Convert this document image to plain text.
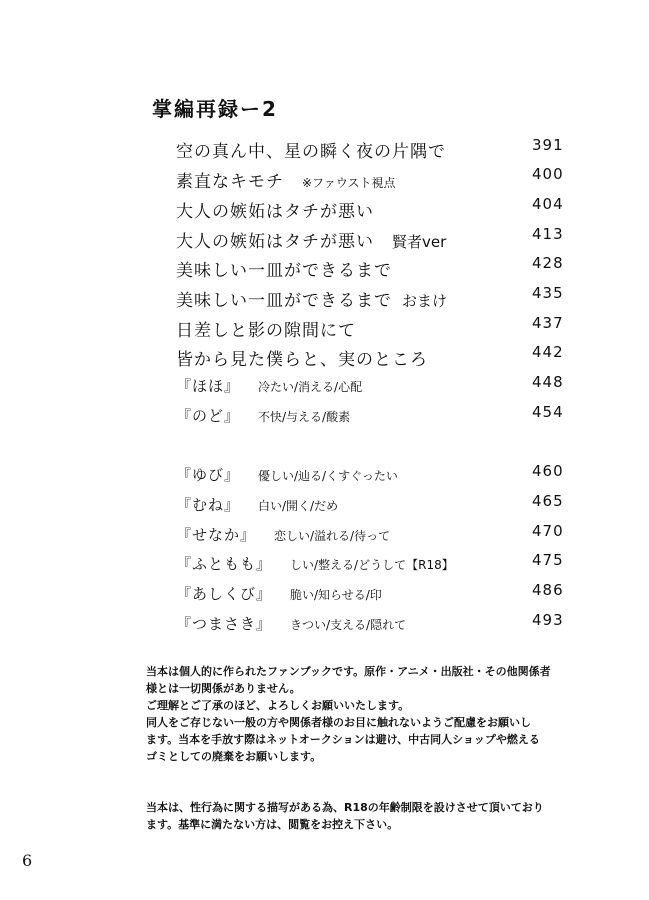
掌編再録ー2
空の真ん中、星の瞬く夜の片隅で	391
素直なキモチ ※ファウスト視点	400
大人の嫉妬はタチが悪い	404
大人の嫉妬はタチが悪い 賢者ver	413
美味しい一皿ができるまで	428
美味しい一皿ができるまで おまけ	435
日差しと影の隙間にて	437
皆から見た僕らと、実のところ	442
『ほほ』 冷たい/消える/心配	448
『のど』 不快/与える/酸素	454
『ゆび』 優しい/辿る/くすぐったい	460
『むね』 白い/開く/だめ	465
『せなか』 恋しい/溢れる/待って	470
『ふともも』 しい/整える/どうして【R18】	475
『あしくび』 脆い/知らせる/印	486
『つまさき』 きつい/支える/隠れて	493

当本は個人的に作られたファンブックです。原作・アニメ・出版社・その他関係者

様とは一切関係がありません。

ご理解とご了承のほど、よろしくお願いいたします。

同人をご存じない一般の方や関係者様のお目に触れないようご配慮をお願いし

ます。当本を手放す際はネットオークションは避け、中古同人ショップや燃える

ゴミとしての廃棄をお願いします。

当本は、性行為に関する描写がある為、R18の年齢制限を設けさせて頂いており

ます。基準に満たない方は、閲覧をお控え下さい。

6
